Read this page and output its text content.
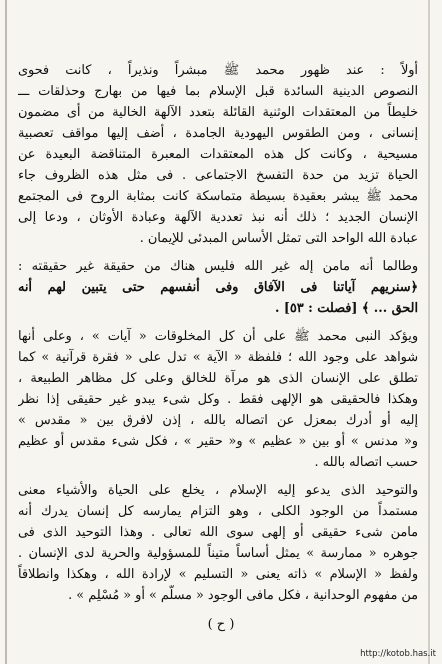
أولاً : عند ظهور محمد ﷺ مبشراً ونذيراً ، كانت فحوى
النصوص الدينية السائدة قبل الإسلام بما فيها من بهارج وحذلقات ـــ
خليطاً من المعتقدات الوثنية القائلة بتعدد الآلهة الخالية من أى مضمون
إنسانى ، ومن الطقوس اليهودية الجامدة ، أضف إليها مواقف تعصبية
مسيحية ، وكانت كل هذه المعتقدات المعبرة المتناقضة البعيدة عن
الحياة تزيد من حدة التفسخ الاجتماعى . فى مثل هذه الظروف جاء
محمد ﷺ يبشر بعقيدة بسيطة متماسكة كانت بمثابة الروح فى المجتمع
الإنسان الجديد ؛ ذلك أنه نبذ تعددية الآلهة وعبادة الأوثان ، ودعا إلى
عبادة الله الواحد التى تمثل الأساس المبدئى للإيمان .
وطالما أنه مامن إله غير الله فليس هناك من حقيقة غير حقيقته :
﴿سنريهم آياتنا فى الآفاق وفى أنفسهم حتى يتبين لهم أنه
الحق ... ﴾ [فصلت : ٥٣] .
ويؤكد النبى محمد ﷺ على أن كل المخلوقات « آيات » ، وعلى أنها
شواهد على وجود الله ؛ فلفظة « الآية » تدل على « فقرة قرآنية » كما
تطلق على الإنسان الذى هو مرآة للخالق وعلى كل مظاهر الطبيعة ،
وهكذا فالحقيقى هو الإلهى فقط . وكل شىء يبدو غير حقيقى إذا نظر
إليه أو أدرك بمعزل عن اتصاله بالله ، إذن لافرق بين « مقدس »
و« مدنس » أو بين « عظيم » و« حقير » ، فكل شىء مقدس أو عظيم
حسب اتصاله بالله .
والتوحيد الذى يدعو إليه الإسلام ، يخلع على الحياة والأشياء معنى
مستمداً من الوجود الكلى ، وهو التزام يمارسه كل إنسان يدرك أنه
مامن شىء حقيقى أو إلهى سوى الله تعالى . وهذا التوحيد الذى فى
جوهره « ممارسة » يمثل أساساً متيناً للمسؤولية والحرية لدى الإنسان .
ولفظ « الإسلام » ذاته يعنى « التسليم » لإرادة الله ، وهكذا وانطلاقاً
من مفهوم الوحدانية ، فكل مافى الوجود « مسلَّم » أو « مُسْلِم » .
( ح )
http://kotob.has.it
